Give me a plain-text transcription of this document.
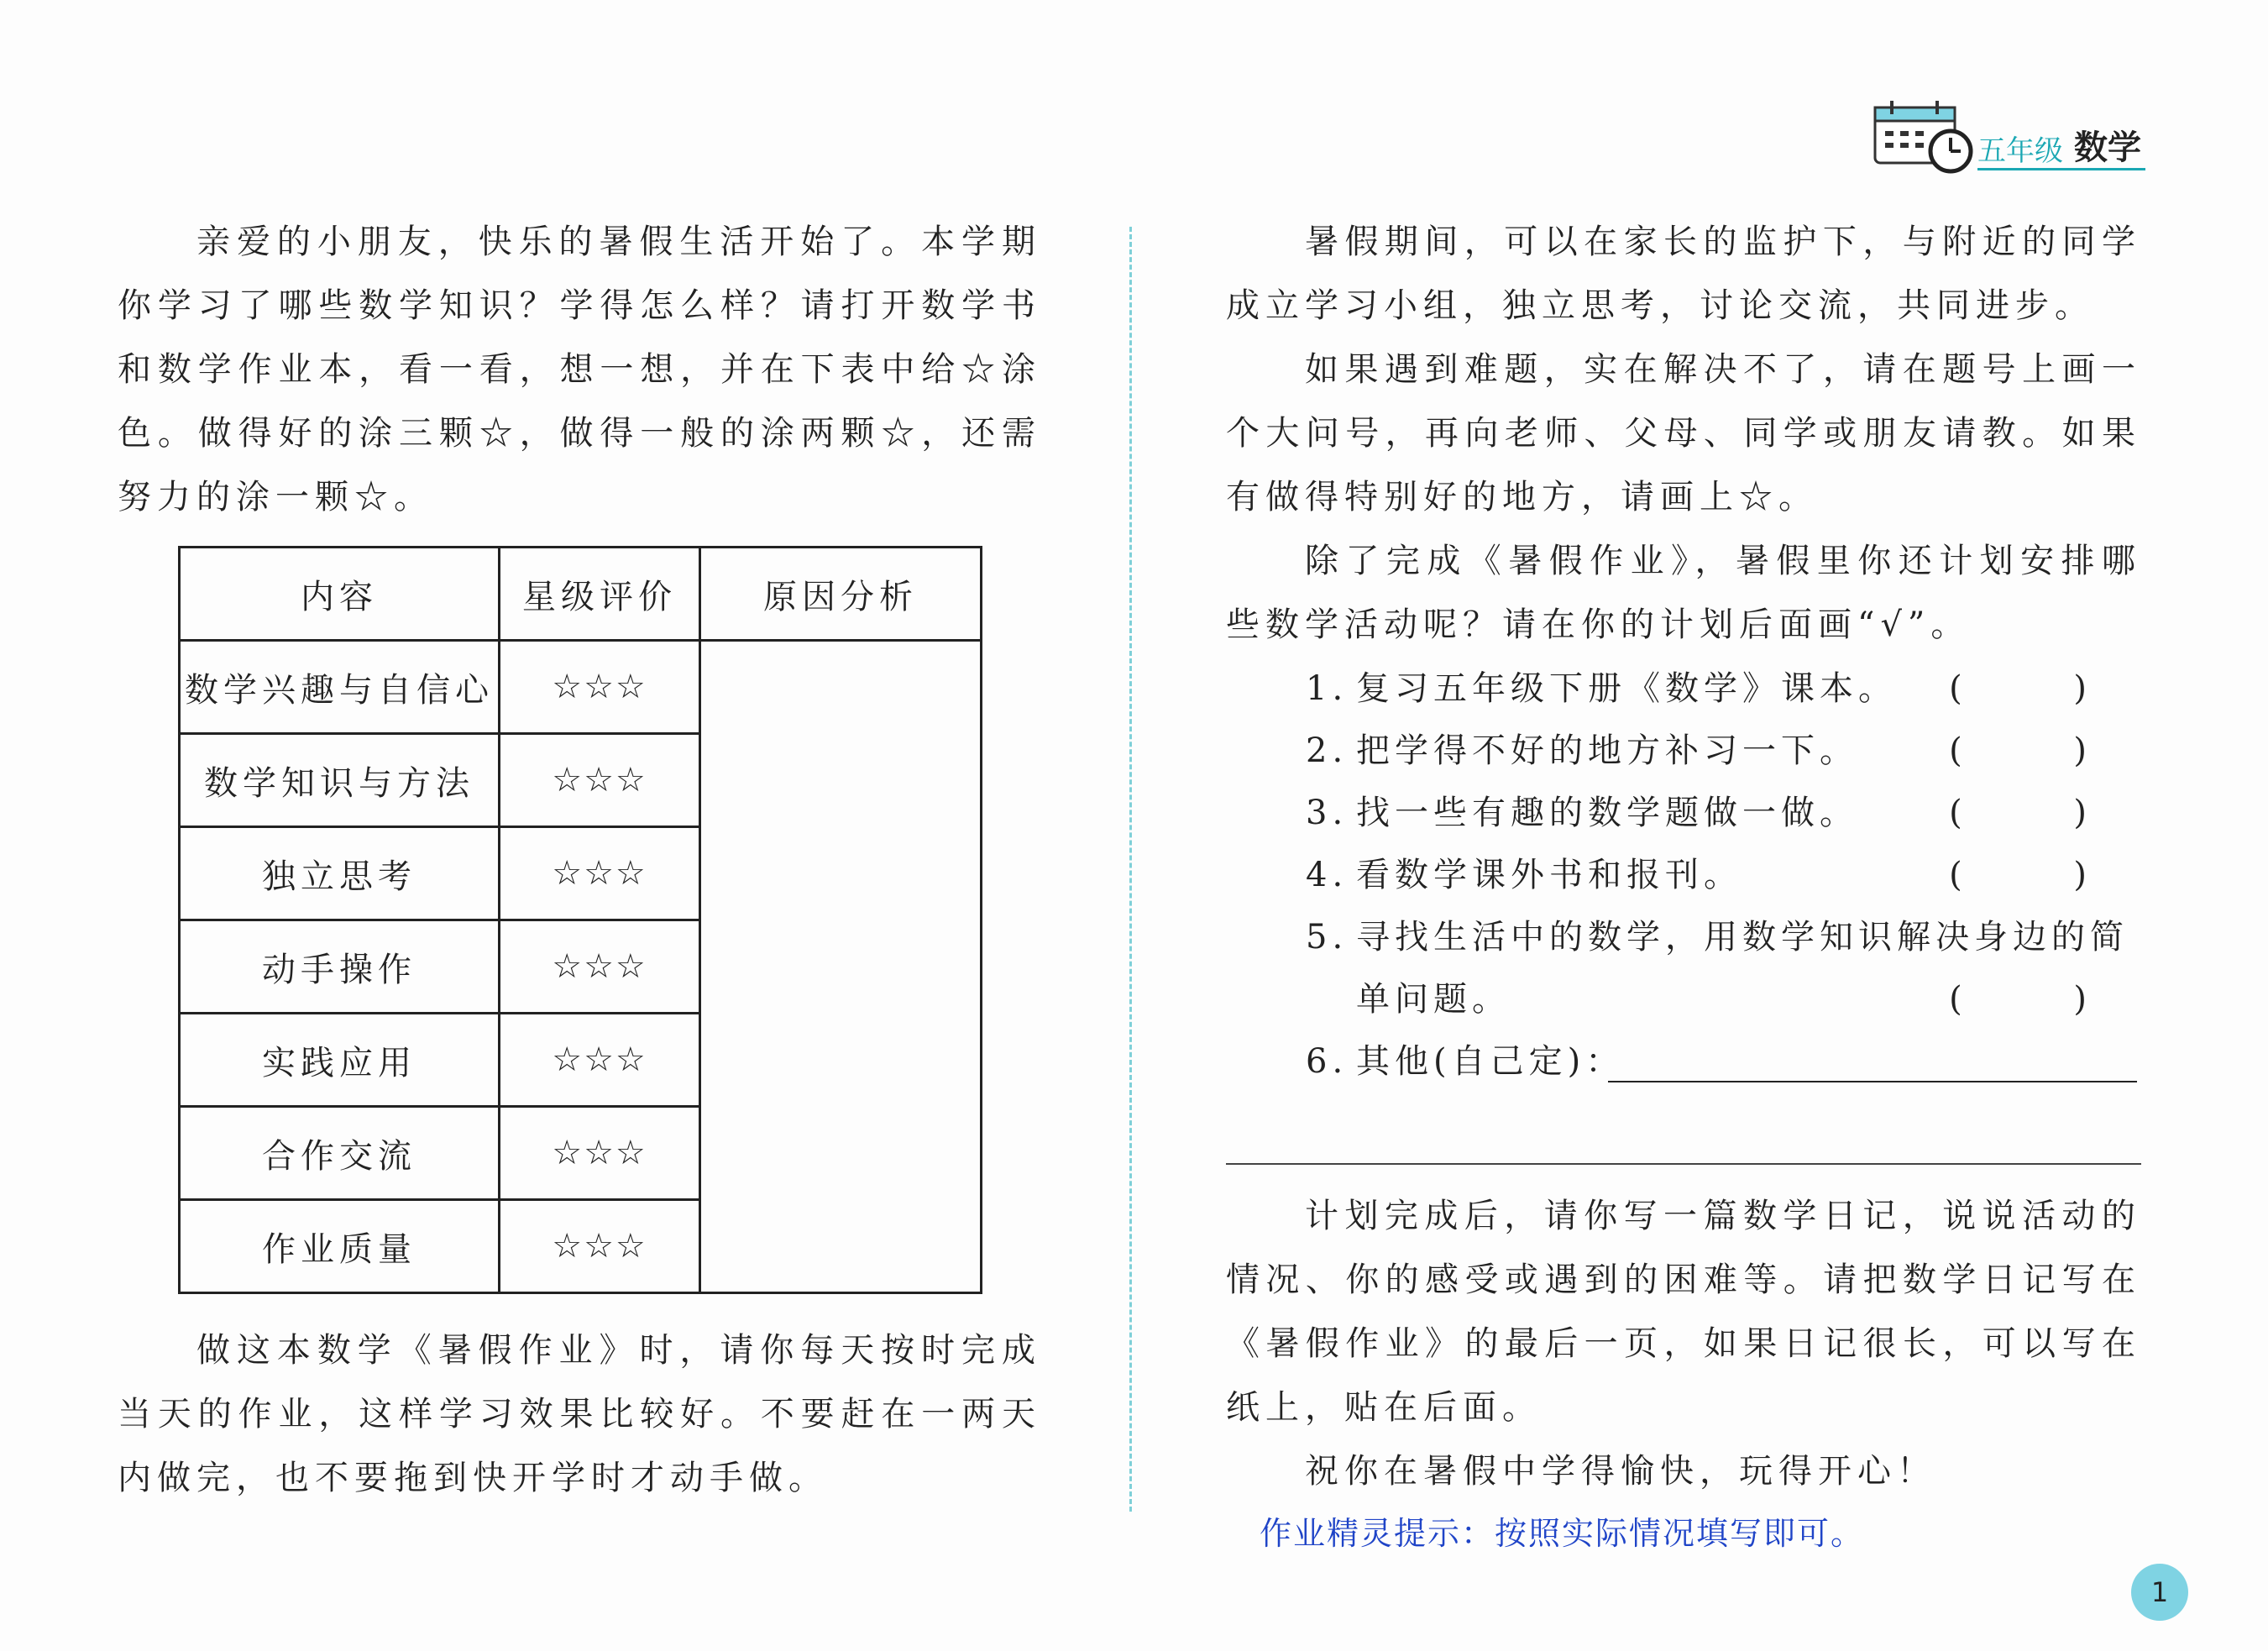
五年级 数学

亲爱的小朋友，快乐的暑假生活开始了。本学期你学习了哪些数学知识？学得怎么样？请打开数学书和数学作业本，看一看，想一想，并在下表中给☆涂色。做得好的涂三颗☆，做得一般的涂两颗☆，还需努力的涂一颗☆。

内容	星级评价	原因分析
数学兴趣与自信心	☆☆☆	
数学知识与方法	☆☆☆	
独立思考	☆☆☆	
动手操作	☆☆☆	
实践应用	☆☆☆	
合作交流	☆☆☆	
作业质量	☆☆☆	

做这本数学《暑假作业》时，请你每天按时完成当天的作业，这样学习效果比较好。不要赶在一两天内做完，也不要拖到快开学时才动手做。

暑假期间，可以在家长的监护下，与附近的同学成立学习小组，独立思考，讨论交流，共同进步。

如果遇到难题，实在解决不了，请在题号上画一个大问号，再向老师、父母、同学或朋友请教。如果有做得特别好的地方，请画上☆。

除了完成《暑假作业》，暑假里你还计划安排哪些数学活动呢？请在你的计划后面画“√”。

1. 复习五年级下册《数学》课本。 ( )
2. 把学得不好的地方补习一下。	( )
3. 找一些有趣的数学题做一做。	( )
4. 看数学课外书和报刊。	( )
5. 寻找生活中的数学，用数学知识解决身边的简
单问题。	( )
6. 其他(自己定)：

计划完成后，请你写一篇数学日记，说说活动的情况、你的感受或遇到的困难等。请把数学日记写在《暑假作业》的最后一页，如果日记很长，可以写在纸上，贴在后面。

祝你在暑假中学得愉快，玩得开心！

作业精灵提示：按照实际情况填写即可。
1
